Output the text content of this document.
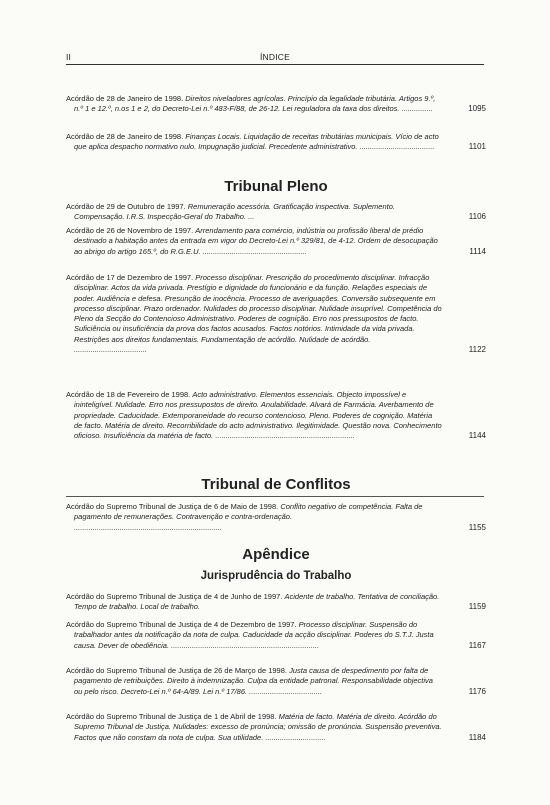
II	ÍNDICE
Acórdão de 28 de Janeiro de 1998. Direitos niveladores agrícolas. Princípio da legalidade tributária. Artigos 9.º, n.º 1 e 12.º, n.os 1 e 2, do Decreto-Lei n.º 483-F/88, de 26-12. Lei reguladora da taxa dos direitos. ...............	1095
Acórdão de 28 de Janeiro de 1998. Finanças Locais. Liquidação de receitas tributárias municipais. Vício de acto que aplica despacho normativo nulo. Impugnação judicial. Precedente administrativo. ....................................	1101
Tribunal Pleno
Acórdão de 29 de Outubro de 1997. Remuneração acessória. Gratificação inspectiva. Suplemento. Compensação. I.R.S. Inspecção-Geral do Trabalho. ...	1106
Acórdão de 26 de Novembro de 1997. Arrendamento para comércio, indústria ou profissão liberal de prédio destinado a habitação antes da entrada em vigor do Decreto-Lei n.º 329/81, de 4-12. Ordem de desocupação ao abrigo do artigo 165.º, do R.G.E.U. ..................................................	1114
Acórdão de 17 de Dezembro de 1997. Processo disciplinar. Prescrição do procedimento disciplinar. Infracção disciplinar. Actos da vida privada. Prestígio e dignidade do funcionário e da função. Relações especiais de poder. Audiência e defesa. Presunção de inocência. Processo de averiguações. Conversão subsequente em processo disciplinar. Prazo ordenador. Nulidades do processo disciplinar. Nulidade insuprível. Competência do Pleno da Secção do Contencioso Administrativo. Poderes de cognição. Erro nos pressupostos de facto. Suficiência ou insuficiência da prova dos factos acusados. Factos notórios. Intimidade da vida privada. Restrições aos direitos fundamentais. Fundamentação de acórdão. Nulidade de acórdão. ...................................	1122
Acórdão de 18 de Fevereiro de 1998. Acto administrativo. Elementos essenciais. Objecto impossível e ininteligível. Nulidade. Erro nos pressupostos de direito. Anulabilidade. Alvará de Farmácia. Averbamento de propriedade. Caducidade. Extemporaneidade do recurso contencioso. Pleno. Poderes de cognição. Matéria de facto. Matéria de direito. Recorribilidade do acto administrativo. Ilegitimidade. Questão nova. Conhecimento oficioso. Insuficiência da matéria de facto. ...................................................................	1144
Tribunal de Conflitos
Acórdão do Supremo Tribunal de Justiça de 6 de Maio de 1998. Conflito negativo de competência. Falta de pagamento de remunerações. Contravenção e contra-ordenação. .......................................................................	1155
Apêndice
Jurisprudência do Trabalho
Acórdão do Supremo Tribunal de Justiça de 4 de Junho de 1997. Acidente de trabalho. Tentativa de conciliação. Tempo de trabalho. Local de trabalho.	1159
Acórdão do Supremo Tribunal de Justiça de 4 de Dezembro de 1997. Processo disciplinar. Suspensão do trabalhador antes da notificação da nota de culpa. Caducidade da acção disciplinar. Poderes do S.T.J. Justa causa. Dever de obediência. .......................................................................	1167
Acórdão do Supremo Tribunal de Justiça de 26 de Março de 1998. Justa causa de despedimento por falta de pagamento de retribuições. Direito à indemnização. Culpa da entidade patronal. Responsabilidade objectiva ou pelo risco. Decreto-Lei n.º 64-A/89. Lei n.º 17/86. ...................................	1176
Acórdão do Supremo Tribunal de Justiça de 1 de Abril de 1998. Matéria de facto. Matéria de direito. Acórdão do Supremo Tribunal de Justiça. Nulidades: excesso de pronúncia; omissão de pronúncia. Suspensão preventiva. Factos que não constam da nota de culpa. Sua utilidade. .............................	1184
